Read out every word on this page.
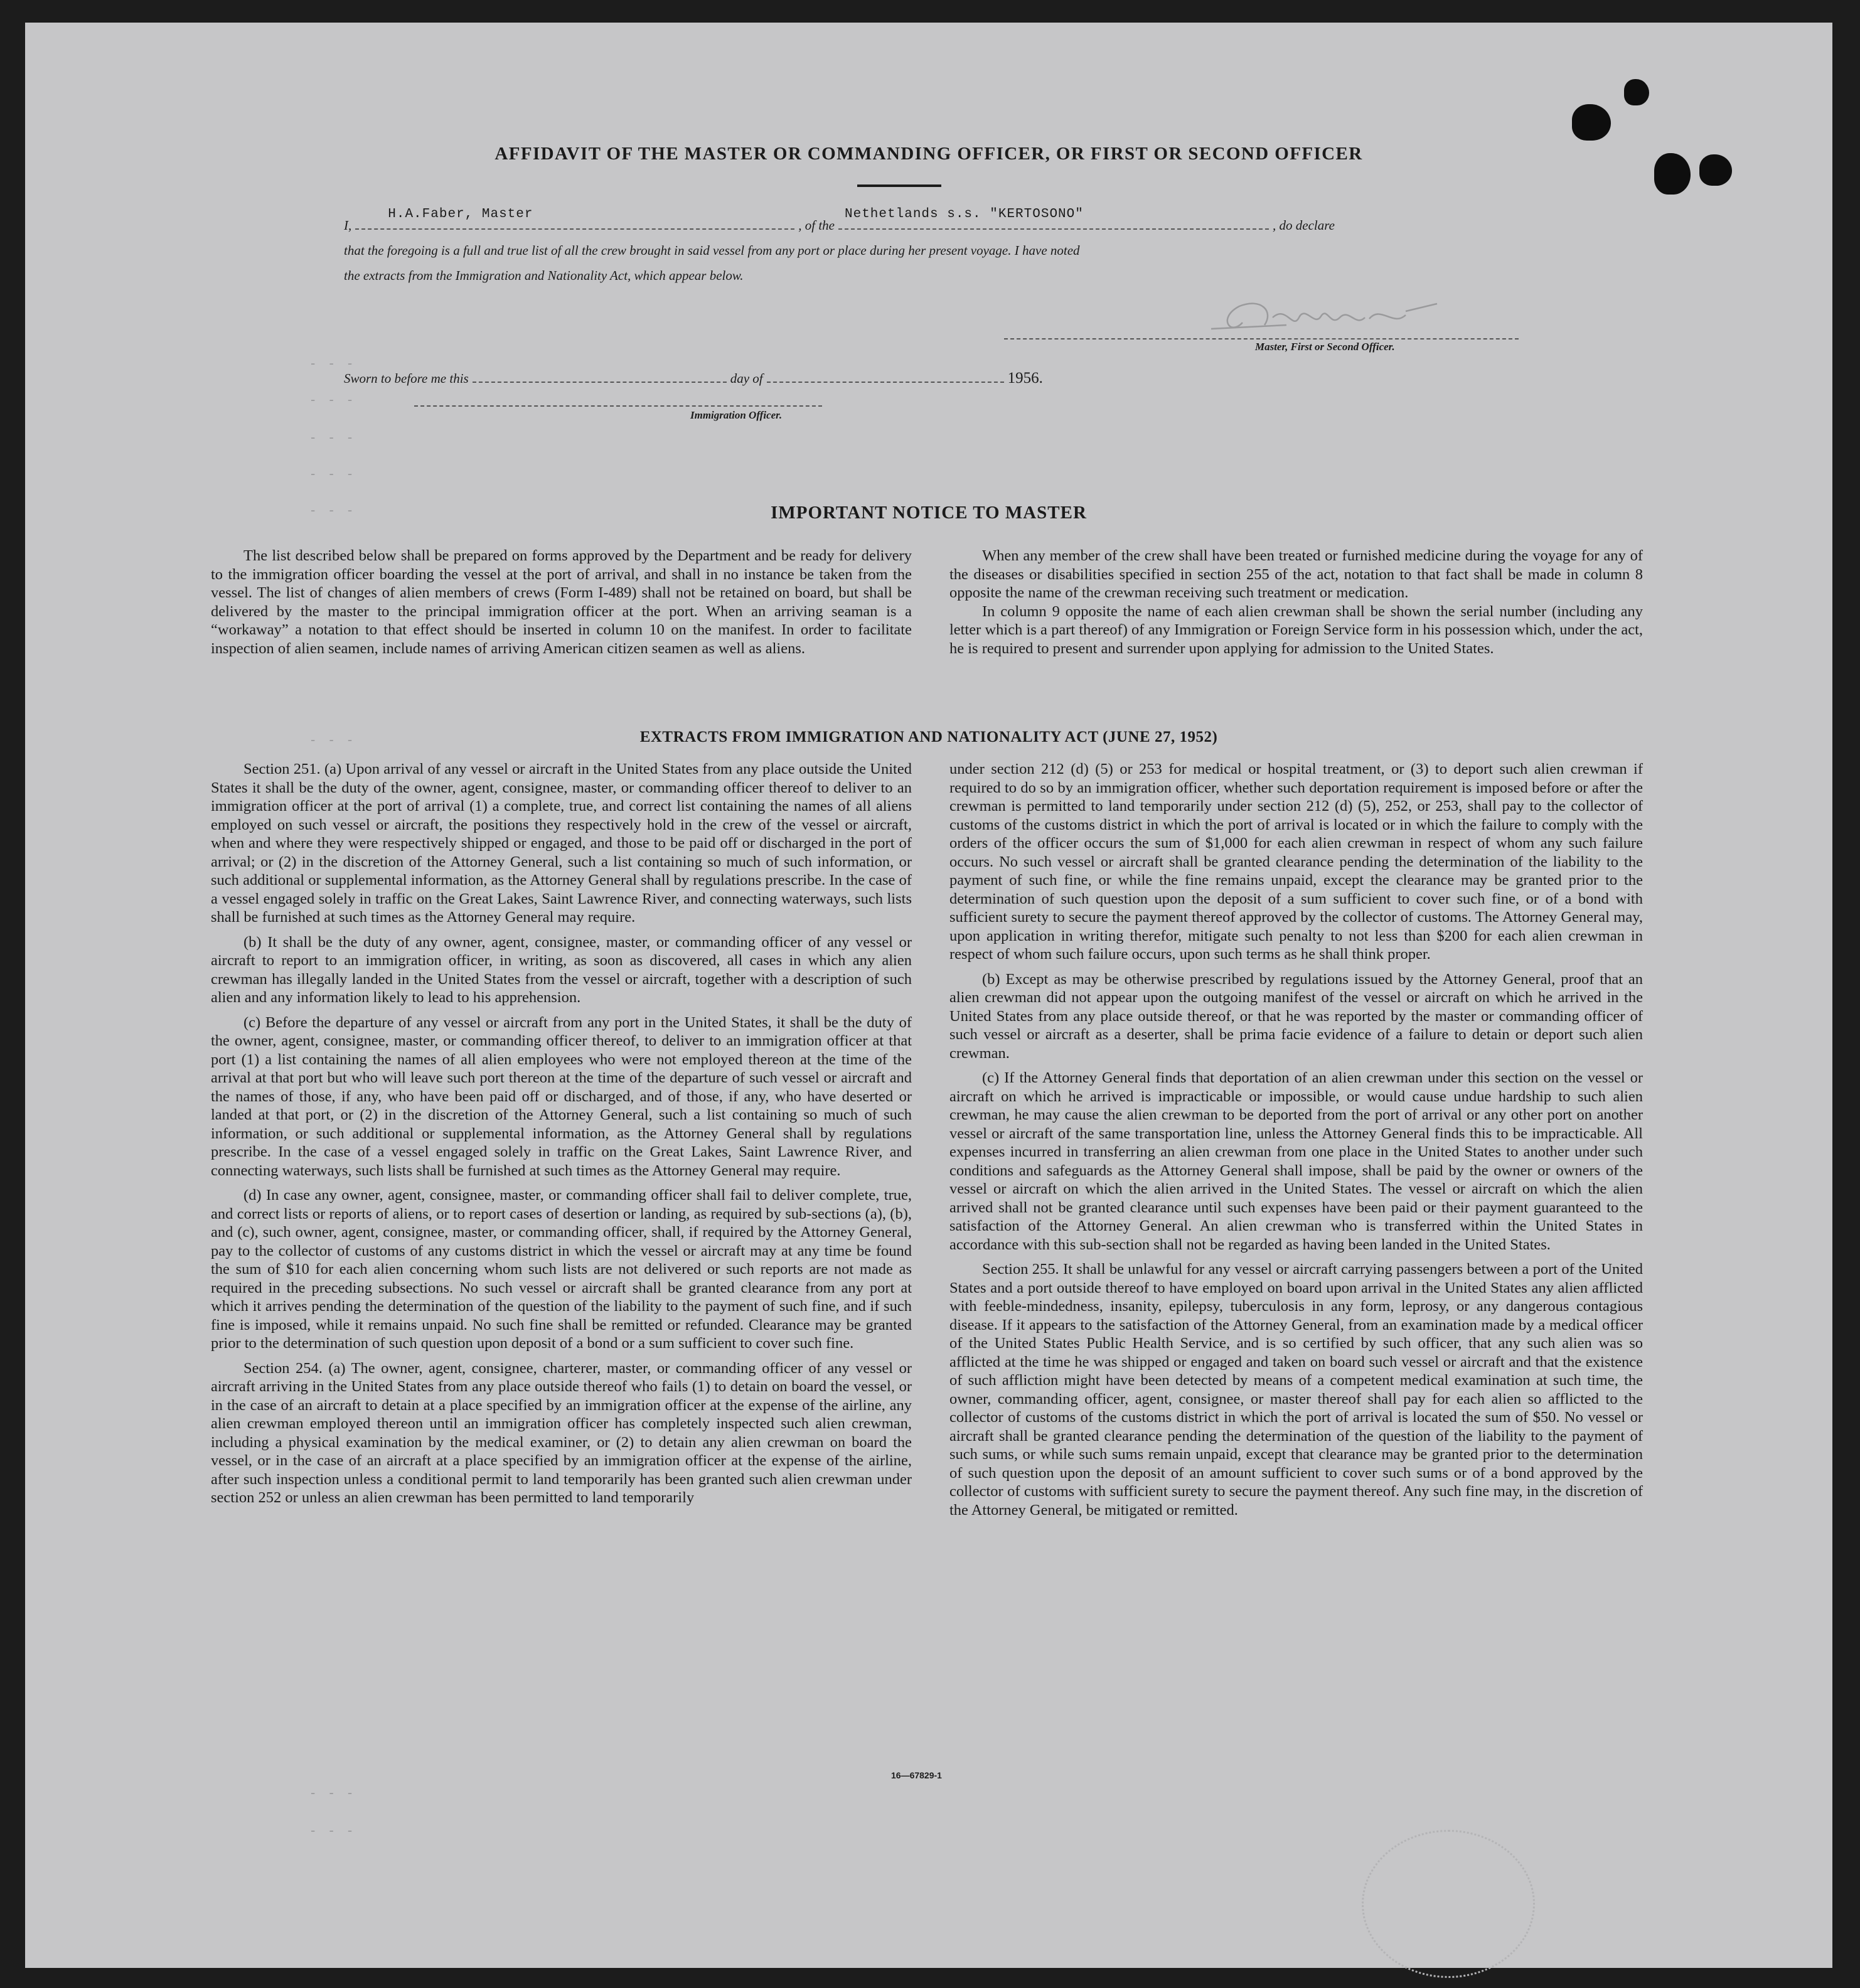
- - -
- - -
- - -
- - -
- - -
- - -
- - -
- - -
AFFIDAVIT OF THE MASTER OR COMMANDING OFFICER, OR FIRST OR SECOND OFFICER
I,
H.A.Faber, Master
, of the
Nethetlands s.s. "KERTOSONO"
, do declare
that the foregoing is a full and true list of all the crew brought in said vessel from any port or place during her present voyage. I have noted
the extracts from the Immigration and Nationality Act, which appear below.
Master, First or Second Officer.
Sworn to before me this	day of	1956.
Immigration Officer.
IMPORTANT NOTICE TO MASTER

The list described below shall be prepared on forms approved by the Department and be ready for delivery to the immigration officer boarding the vessel at the port of arrival, and shall in no instance be taken from the vessel. The list of changes of alien members of crews (Form I-489) shall not be retained on board, but shall be delivered by the master to the principal immigration officer at the port. When an arriving seaman is a “workaway” a notation to that effect should be inserted in column 10 on the manifest. In order to facilitate inspection of alien seamen, include names of arriving American citizen seamen as well as aliens.

When any member of the crew shall have been treated or furnished medicine during the voyage for any of the diseases or disabilities specified in section 255 of the act, notation to that fact shall be made in column 8 opposite the name of the crewman receiving such treatment or medication.

In column 9 opposite the name of each alien crewman shall be shown the serial number (including any letter which is a part thereof) of any Immigration or Foreign Service form in his possession which, under the act, he is required to present and surrender upon applying for admission to the United States.

EXTRACTS FROM IMMIGRATION AND NATIONALITY ACT (JUNE 27, 1952)

Section 251. (a) Upon arrival of any vessel or aircraft in the United States from any place outside the United States it shall be the duty of the owner, agent, consignee, master, or commanding officer thereof to deliver to an immigration officer at the port of arrival (1) a complete, true, and correct list containing the names of all aliens employed on such vessel or aircraft, the positions they respectively hold in the crew of the vessel or aircraft, when and where they were respectively shipped or engaged, and those to be paid off or discharged in the port of arrival; or (2) in the discretion of the Attorney General, such a list containing so much of such information, or such additional or supplemental information, as the Attorney General shall by regulations prescribe. In the case of a vessel engaged solely in traffic on the Great Lakes, Saint Lawrence River, and connecting waterways, such lists shall be furnished at such times as the Attorney General may require.

(b) It shall be the duty of any owner, agent, consignee, master, or commanding officer of any vessel or aircraft to report to an immigration officer, in writing, as soon as discovered, all cases in which any alien crewman has illegally landed in the United States from the vessel or aircraft, together with a description of such alien and any information likely to lead to his apprehension.

(c) Before the departure of any vessel or aircraft from any port in the United States, it shall be the duty of the owner, agent, consignee, master, or commanding officer thereof, to deliver to an immigration officer at that port (1) a list containing the names of all alien employees who were not employed thereon at the time of the arrival at that port but who will leave such port thereon at the time of the departure of such vessel or aircraft and the names of those, if any, who have been paid off or discharged, and of those, if any, who have deserted or landed at that port, or (2) in the discretion of the Attorney General, such a list containing so much of such information, or such additional or supplemental information, as the Attorney General shall by regulations prescribe. In the case of a vessel engaged solely in traffic on the Great Lakes, Saint Lawrence River, and connecting waterways, such lists shall be furnished at such times as the Attorney General may require.

(d) In case any owner, agent, consignee, master, or commanding officer shall fail to deliver complete, true, and correct lists or reports of aliens, or to report cases of desertion or landing, as required by sub-sections (a), (b), and (c), such owner, agent, consignee, master, or commanding officer, shall, if required by the Attorney General, pay to the collector of customs of any customs district in which the vessel or aircraft may at any time be found the sum of $10 for each alien concerning whom such lists are not delivered or such reports are not made as required in the preceding subsections. No such vessel or aircraft shall be granted clearance from any port at which it arrives pending the determination of the question of the liability to the payment of such fine, and if such fine is imposed, while it remains unpaid. No such fine shall be remitted or refunded. Clearance may be granted prior to the determination of such question upon deposit of a bond or a sum sufficient to cover such fine.

Section 254. (a) The owner, agent, consignee, charterer, master, or commanding officer of any vessel or aircraft arriving in the United States from any place outside thereof who fails (1) to detain on board the vessel, or in the case of an aircraft to detain at a place specified by an immigration officer at the expense of the airline, any alien crewman employed thereon until an immigration officer has completely inspected such alien crewman, including a physical examination by the medical examiner, or (2) to detain any alien crewman on board the vessel, or in the case of an aircraft at a place specified by an immigration officer at the expense of the airline, after such inspection unless a conditional permit to land temporarily has been granted such alien crewman under section 252 or unless an alien crewman has been permitted to land temporarily

under section 212 (d) (5) or 253 for medical or hospital treatment, or (3) to deport such alien crewman if required to do so by an immigration officer, whether such deportation requirement is imposed before or after the crewman is permitted to land temporarily under section 212 (d) (5), 252, or 253, shall pay to the collector of customs of the customs district in which the port of arrival is located or in which the failure to comply with the orders of the officer occurs the sum of $1,000 for each alien crewman in respect of whom any such failure occurs. No such vessel or aircraft shall be granted clearance pending the determination of the liability to the payment of such fine, or while the fine remains unpaid, except the clearance may be granted prior to the determination of such question upon the deposit of a sum sufficient to cover such fine, or of a bond with sufficient surety to secure the payment thereof approved by the collector of customs. The Attorney General may, upon application in writing therefor, mitigate such penalty to not less than $200 for each alien crewman in respect of whom such failure occurs, upon such terms as he shall think proper.

(b) Except as may be otherwise prescribed by regulations issued by the Attorney General, proof that an alien crewman did not appear upon the outgoing manifest of the vessel or aircraft on which he arrived in the United States from any place outside thereof, or that he was reported by the master or commanding officer of such vessel or aircraft as a deserter, shall be prima facie evidence of a failure to detain or deport such alien crewman.

(c) If the Attorney General finds that deportation of an alien crewman under this section on the vessel or aircraft on which he arrived is impracticable or impossible, or would cause undue hardship to such alien crewman, he may cause the alien crewman to be deported from the port of arrival or any other port on another vessel or aircraft of the same transportation line, unless the Attorney General finds this to be impracticable. All expenses incurred in transferring an alien crewman from one place in the United States to another under such conditions and safeguards as the Attorney General shall impose, shall be paid by the owner or owners of the vessel or aircraft on which the alien arrived in the United States. The vessel or aircraft on which the alien arrived shall not be granted clearance until such expenses have been paid or their payment guaranteed to the satisfaction of the Attorney General. An alien crewman who is transferred within the United States in accordance with this sub-section shall not be regarded as having been landed in the United States.

Section 255. It shall be unlawful for any vessel or aircraft carrying passengers between a port of the United States and a port outside thereof to have employed on board upon arrival in the United States any alien afflicted with feeble-mindedness, insanity, epilepsy, tuberculosis in any form, leprosy, or any dangerous contagious disease. If it appears to the satisfaction of the Attorney General, from an examination made by a medical officer of the United States Public Health Service, and is so certified by such officer, that any such alien was so afflicted at the time he was shipped or engaged and taken on board such vessel or aircraft and that the existence of such affliction might have been detected by means of a competent medical examination at such time, the owner, commanding officer, agent, consignee, or master thereof shall pay for each alien so afflicted to the collector of customs of the customs district in which the port of arrival is located the sum of $50. No vessel or aircraft shall be granted clearance pending the determination of the question of the liability to the payment of such sums, or while such sums remain unpaid, except that clearance may be granted prior to the determination of such question upon the deposit of an amount sufficient to cover such sums or of a bond approved by the collector of customs with sufficient surety to secure the payment thereof. Any such fine may, in the discretion of the Attorney General, be mitigated or remitted.

16—67829-1
